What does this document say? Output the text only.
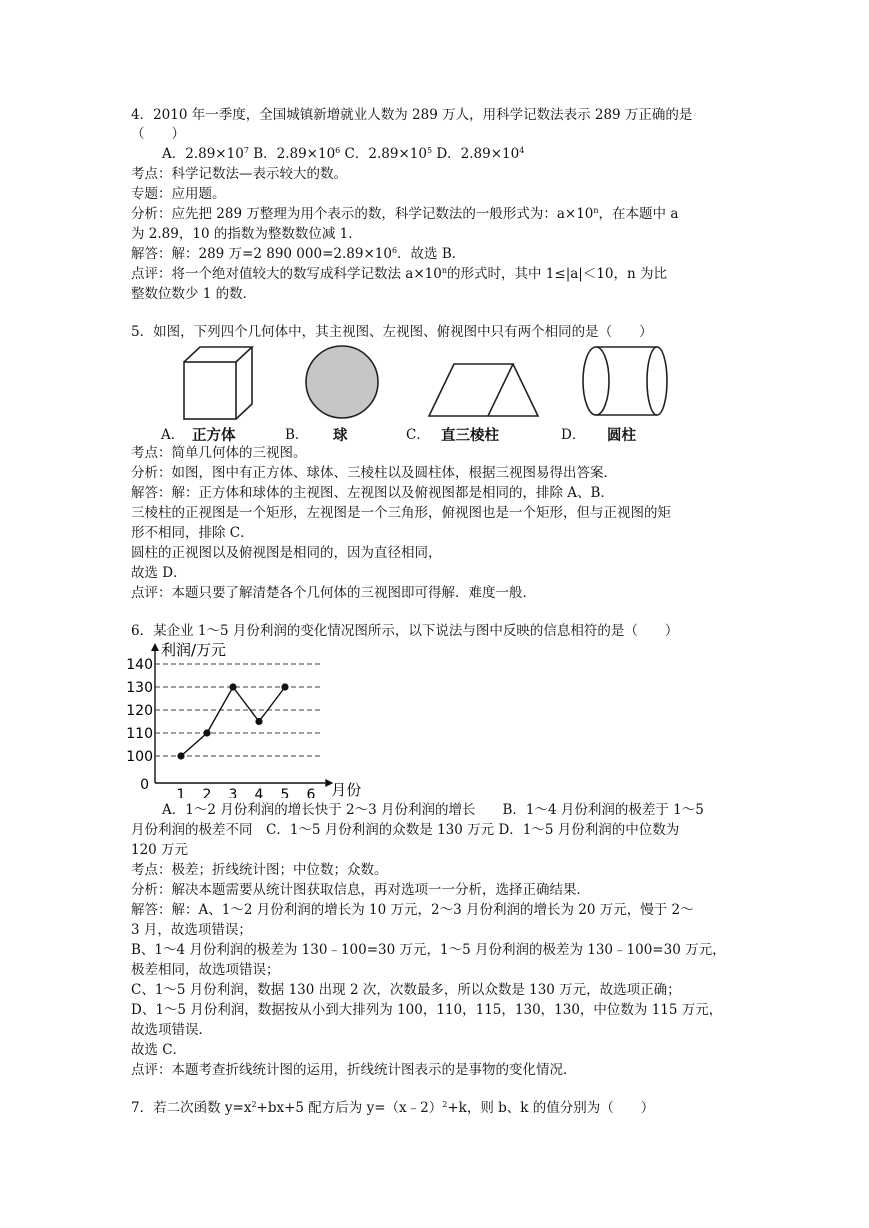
4．2010 年一季度，全国城镇新增就业人数为 289 万人，用科学记数法表示 289 万正确的是
（　　）
A．$2.89\times 10^7$ B．$2.89\times 10^6$ C．$2.89\times 10^5$ D．$2.89\times 10^4$
考点：科学记数法—表示较大的数。
专题：应用题。
分析：应先把 289 万整理为用个表示的数，科学记数法的一般形式为：$a\times 10^n$，在本题中 a
为 2.89，10 的指数为整数数位减 1．
解答：解：289 万=2 890 $000=2.89\times 10^6$．故选 B．
点评：将一个绝对值较大的数写成科学记数法 $a\times 10^n$的形式时，其中 1≤|a|＜10，n 为比
整数位数少 1 的数．
5．如图，下列四个几何体中，其主视图、左视图、俯视图中只有两个相同的是（　　）
A． 正方体	B． 球	C． 直三棱柱	D． 圆柱
考点：简单几何体的三视图。
分析：如图，图中有正方体、球体、三棱柱以及圆柱体，根据三视图易得出答案．
解答：解：正方体和球体的主视图、左视图以及俯视图都是相同的，排除 A、B．
三棱柱的正视图是一个矩形，左视图是一个三角形，俯视图也是一个矩形，但与正视图的矩
形不相同，排除 C．
圆柱的正视图以及俯视图是相同的，因为直径相同，
故选 D．
点评：本题只要了解清楚各个几何体的三视图即可得解．难度一般．
6．某企业 1～5 月份利润的变化情况图所示，以下说法与图中反映的信息相符的是（　　）
100
110
120
130
140
0
1 2 3 4 5 6
利润/万元
月份
A．1～2 月份利润的增长快于 2～3 月份利润的增长　　B．1～4 月份利润的极差于 1～5
月份利润的极差不同　C．1～5 月份利润的众数是 130 万元 D．1～5 月份利润的中位数为
120 万元
考点：极差；折线统计图；中位数；众数。
分析：解决本题需要从统计图获取信息，再对选项一一分析，选择正确结果．
解答：解：A、1～2 月份利润的增长为 10 万元，2～3 月份利润的增长为 20 万元，慢于 2～
3 月，故选项错误；
B、1～4 月份利润的极差为 130﹣100=30 万元，1～5 月份利润的极差为 130﹣100=30 万元，
极差相同，故选项错误；
C、1～5 月份利润，数据 130 出现 2 次，次数最多，所以众数是 130 万元，故选项正确；
D、1～5 月份利润，数据按从小到大排列为 100，110，115，130，130，中位数为 115 万元，
故选项错误．
故选 C．
点评：本题考查折线统计图的运用，折线统计图表示的是事物的变化情况．
7．若二次函数 $y=x^2+bx+5$ 配方后为 y=（x﹣2）$^2$+k，则 b、k 的值分别为（　　）
